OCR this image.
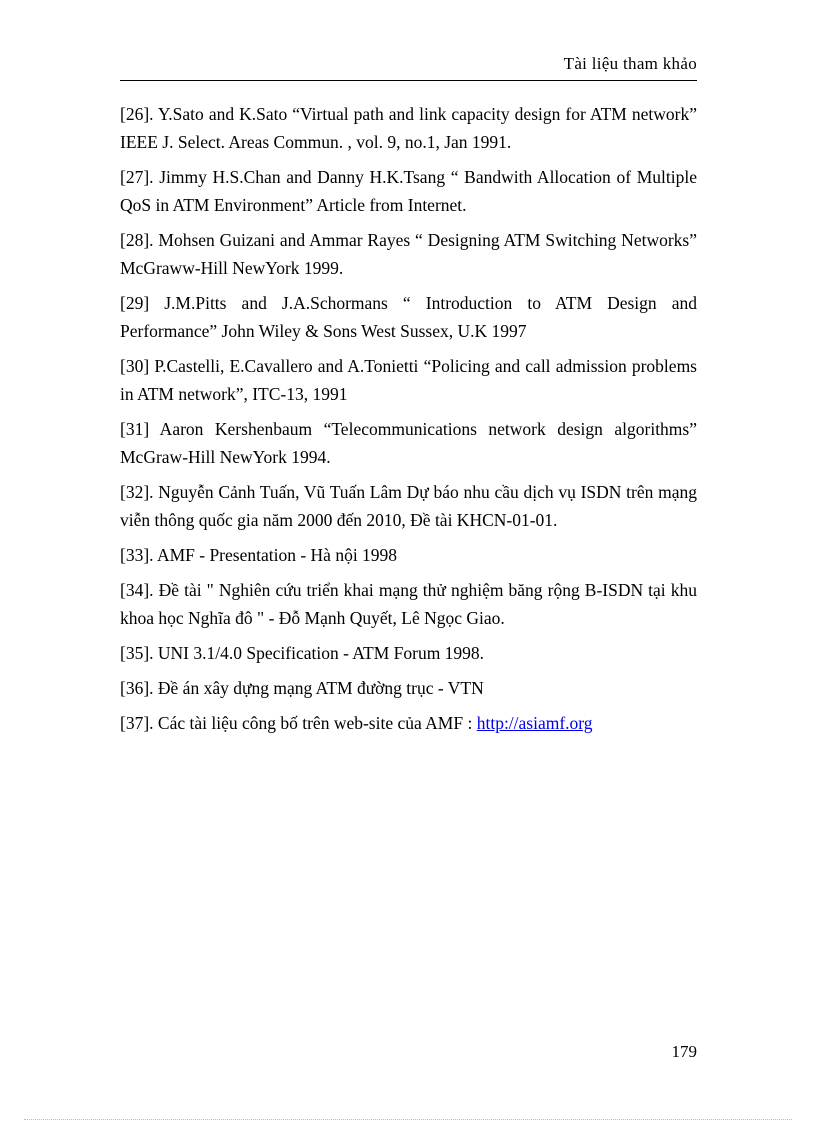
Tài liệu tham khảo

[26]. Y.Sato and K.Sato “Virtual path and link capacity design for ATM network” IEEE J. Select. Areas Commun. , vol. 9, no.1, Jan 1991.

[27]. Jimmy H.S.Chan and Danny H.K.Tsang “ Bandwith Allocation of Multiple QoS in ATM Environment” Article from Internet.

[28]. Mohsen Guizani and Ammar Rayes “ Designing ATM Switching Networks” McGraww-Hill NewYork 1999.

[29] J.M.Pitts and J.A.Schormans “ Introduction to ATM Design and Performance” John Wiley & Sons West Sussex, U.K 1997

[30] P.Castelli, E.Cavallero and A.Tonietti “Policing and call admission problems in ATM network”, ITC-13, 1991

[31] Aaron Kershenbaum “Telecommunications network design algorithms” McGraw-Hill NewYork 1994.

[32]. Nguyễn Cảnh Tuấn, Vũ Tuấn Lâm Dự báo nhu cầu dịch vụ ISDN trên mạng viễn thông quốc gia năm 2000 đến 2010, Đề tài KHCN-01-01.

[33]. AMF - Presentation - Hà nội 1998

[34]. Đề tài " Nghiên cứu triển khai mạng thử nghiệm băng rộng B-ISDN tại khu khoa học Nghĩa đô " - Đỗ Mạnh Quyết, Lê Ngọc Giao.

[35]. UNI 3.1/4.0 Specification - ATM Forum 1998.

[36]. Đề án xây dựng mạng ATM đường trục - VTN

[37]. Các tài liệu công bố trên web-site của AMF : http://asiamf.org

179
